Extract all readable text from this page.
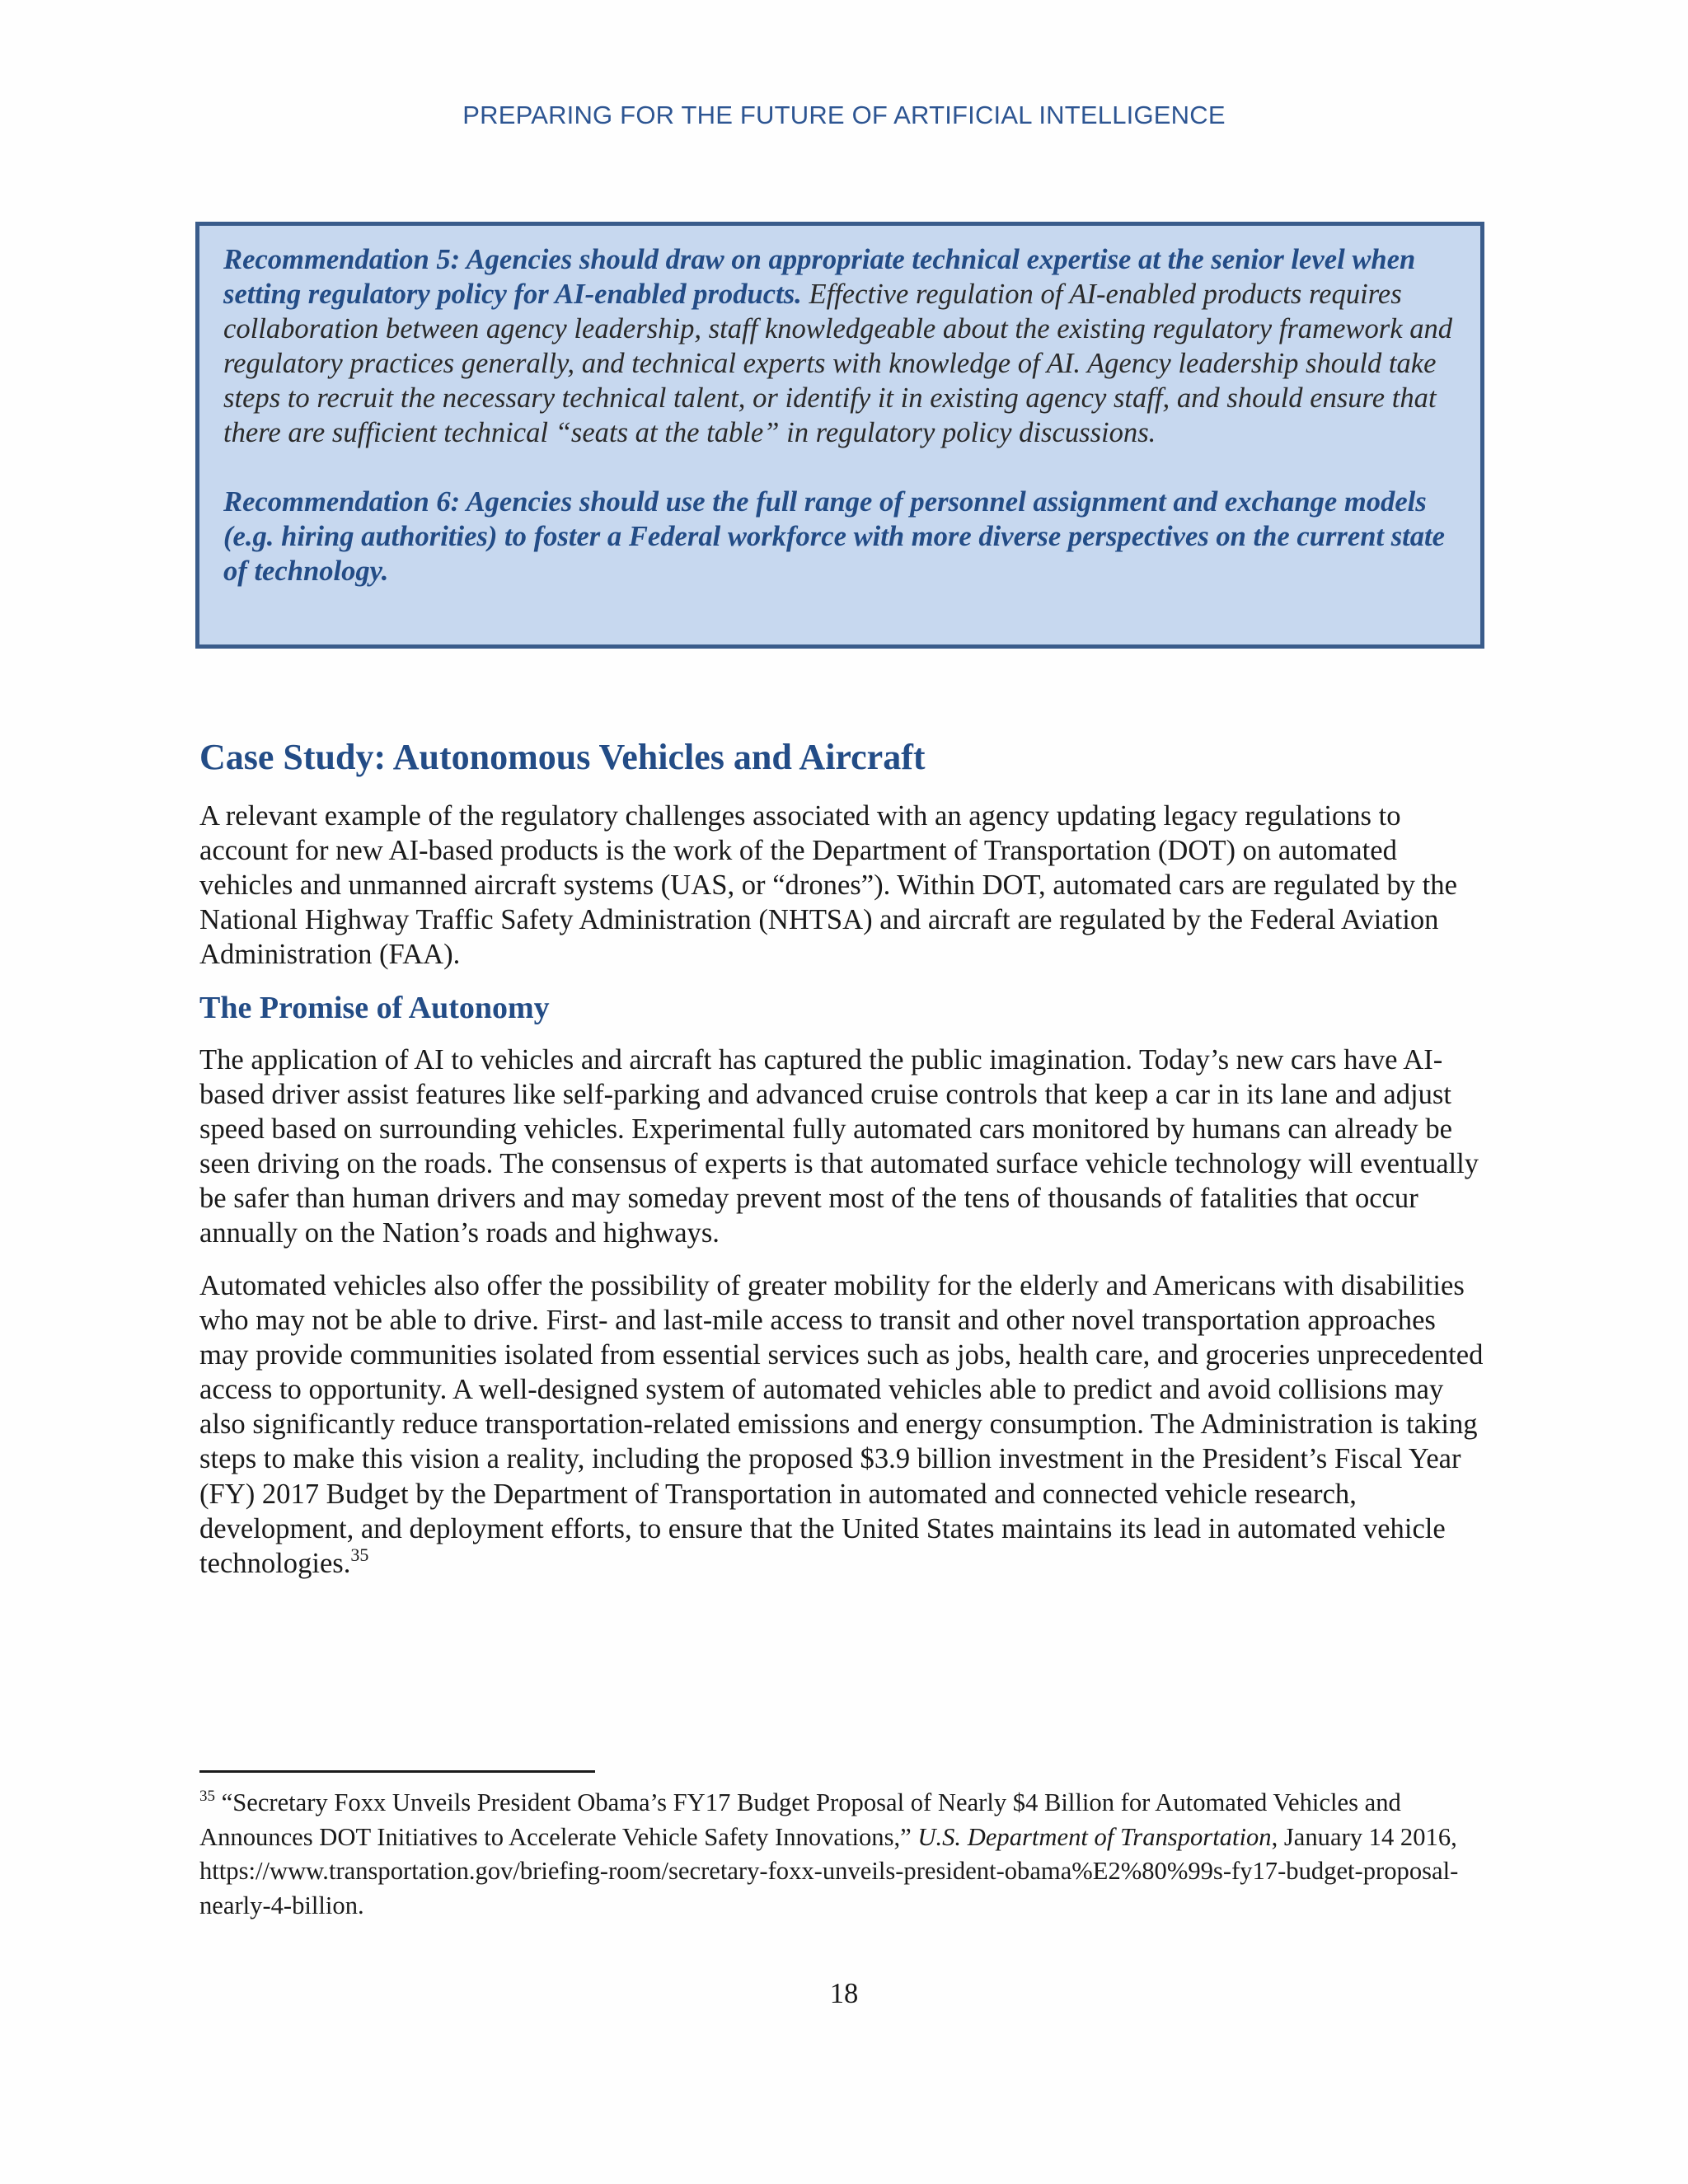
PREPARING FOR THE FUTURE OF ARTIFICIAL INTELLIGENCE

Recommendation 5: Agencies should draw on appropriate technical expertise at the senior level when setting regulatory policy for AI-enabled products. Effective regulation of AI-enabled products requires collaboration between agency leadership, staff knowledgeable about the existing regulatory framework and regulatory practices generally, and technical experts with knowledge of AI. Agency leadership should take steps to recruit the necessary technical talent, or identify it in existing agency staff, and should ensure that there are sufficient technical “seats at the table” in regulatory policy discussions.

Recommendation 6: Agencies should use the full range of personnel assignment and exchange models (e.g. hiring authorities) to foster a Federal workforce with more diverse perspectives on the current state of technology.

Case Study: Autonomous Vehicles and Aircraft

A relevant example of the regulatory challenges associated with an agency updating legacy regulations to account for new AI-based products is the work of the Department of Transportation (DOT) on automated vehicles and unmanned aircraft systems (UAS, or “drones”). Within DOT, automated cars are regulated by the National Highway Traffic Safety Administration (NHTSA) and aircraft are regulated by the Federal Aviation Administration (FAA).

The Promise of Autonomy

The application of AI to vehicles and aircraft has captured the public imagination. Today’s new cars have AI-based driver assist features like self-parking and advanced cruise controls that keep a car in its lane and adjust speed based on surrounding vehicles. Experimental fully automated cars monitored by humans can already be seen driving on the roads. The consensus of experts is that automated surface vehicle technology will eventually be safer than human drivers and may someday prevent most of the tens of thousands of fatalities that occur annually on the Nation’s roads and highways.

Automated vehicles also offer the possibility of greater mobility for the elderly and Americans with disabilities who may not be able to drive. First- and last-mile access to transit and other novel transportation approaches may provide communities isolated from essential services such as jobs, health care, and groceries unprecedented access to opportunity. A well-designed system of automated vehicles able to predict and avoid collisions may also significantly reduce transportation-related emissions and energy consumption. The Administration is taking steps to make this vision a reality, including the proposed $3.9 billion investment in the President’s Fiscal Year (FY) 2017 Budget by the Department of Transportation in automated and connected vehicle research, development, and deployment efforts, to ensure that the United States maintains its lead in automated vehicle technologies.$^{35}$

$^{35}$ “Secretary Foxx Unveils President Obama’s FY17 Budget Proposal of Nearly $4 Billion for Automated Vehicles and Announces DOT Initiatives to Accelerate Vehicle Safety Innovations,” U.S. Department of Transportation, January 14 2016, https://www.transportation.gov/briefing-room/secretary-foxx-unveils-president-obama%E2%80%99s-fy17-budget-proposal-nearly-4-billion.

18
